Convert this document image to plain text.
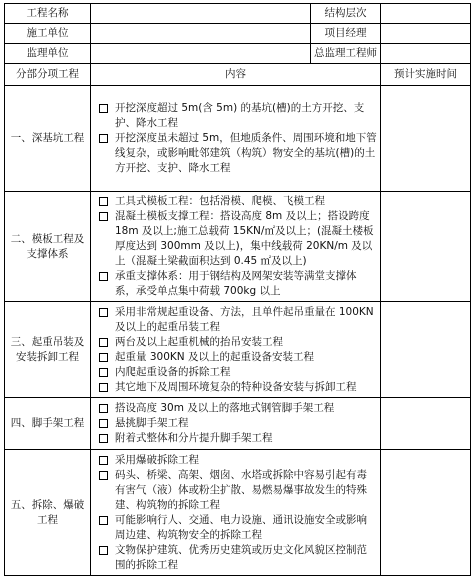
工程名称		结构层次	
施工单位		项目经理	
监理单位		总监理工程师	
分部分项工程	内容		预计实施时间
一、深基坑工程	开挖深度超过 5m(含 5m) 的基坑(槽)的土方开挖、支护、降水工程
开挖深度虽未超过 5m，但地质条件、周围环境和地下管线复杂，或影响毗邻建筑（构筑）物安全的基坑(槽)的土方开挖、支护、降水工程		

二、模板工程及支撑体系	工具式模板工程：包括滑模、爬模、飞模工程
混凝土模板支撑工程：搭设高度 8m 及以上；搭设跨度 18m 及以上;施工总载荷 15KN/㎡及以上；(混凝土楼板厚度达到 300mm 及以上)，集中线载荷 20KN/m 及以上（混凝土梁截面积达到 0.45 ㎡及以上)
承重支撑体系：用于钢结构及网架安装等满堂支撑体系，承受单点集中荷载 700kg 以上		

三、起重吊装及安装拆卸工程	采用非常规起重设备、方法，且单件起吊重量在 100KN 及以上的起重吊装工程
两台及以上起重机械的抬吊安装工程
起重量 300KN 及以上的起重设备安装工程
内爬起重设备的拆除工程
其它地下及周围环境复杂的特种设备安装与拆卸工程		

四、脚手架工程	搭设高度 30m 及以上的落地式钢管脚手架工程
悬挑脚手架工程
附着式整体和分片提升脚手架工程		

五、拆除、爆破工程	采用爆破拆除工程
码头、桥梁、高架、烟囱、水塔或拆除中容易引起有毒有害气（液）体或粉尘扩散、易燃易爆事故发生的特殊建、构筑物的拆除工程
可能影响行人、交通、电力设施、通讯设施安全或影响周边建、构筑物安全的拆除工程
文物保护建筑、优秀历史建筑或历史文化风貌区控制范围的拆除工程		
